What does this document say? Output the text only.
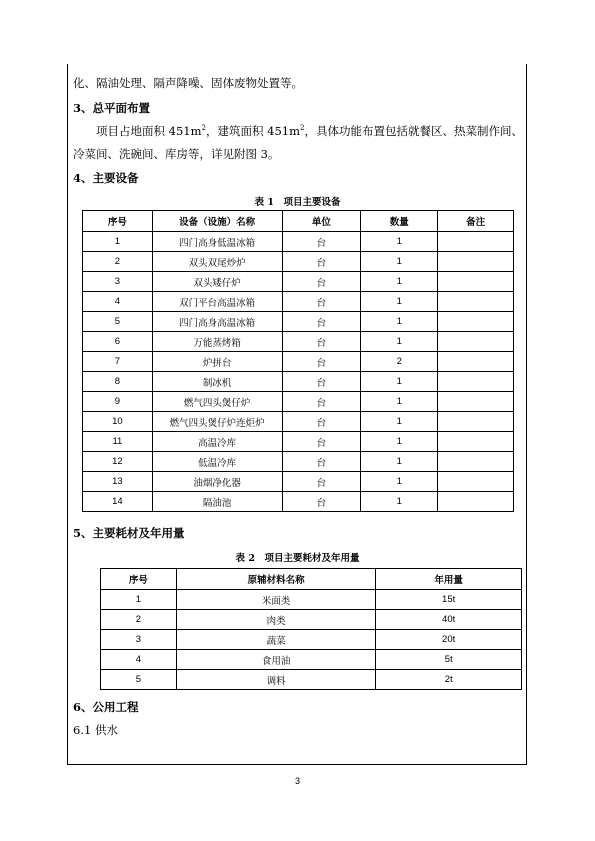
化、隔油处理、隔声降噪、固体废物处置等。
3、总平面布置
项目占地面积 $451m^2$，建筑面积 $451m^2$，具体功能布置包括就餐区、热菜制作间、
冷菜间、洗碗间、库房等，详见附图 3。
4、主要设备
表 1　项目主要设备
序号	设备（设施）名称	单位	数量	备注
1	四门高身低温冰箱	台	1	
2	双头双尾炒炉	台	1	
3	双头矮仔炉	台	1	
4	双门平台高温冰箱	台	1	
5	四门高身高温冰箱	台	1	
6	万能蒸烤箱	台	1	
7	炉拼台	台	2	
8	制冰机	台	1	
9	燃气四头煲仔炉	台	1	
10	燃气四头煲仔炉连炬炉	台	1	
11	高温冷库	台	1	
12	低温冷库	台	1	
13	油烟净化器	台	1	
14	隔油池	台	1	
5、主要耗材及年用量
表 2　项目主要耗材及年用量
序号	原辅材料名称	年用量
1	米面类	15t
2	肉类	40t
3	蔬菜	20t
4	食用油	5t
5	调料	2t
6、公用工程
6.1 供水
3
